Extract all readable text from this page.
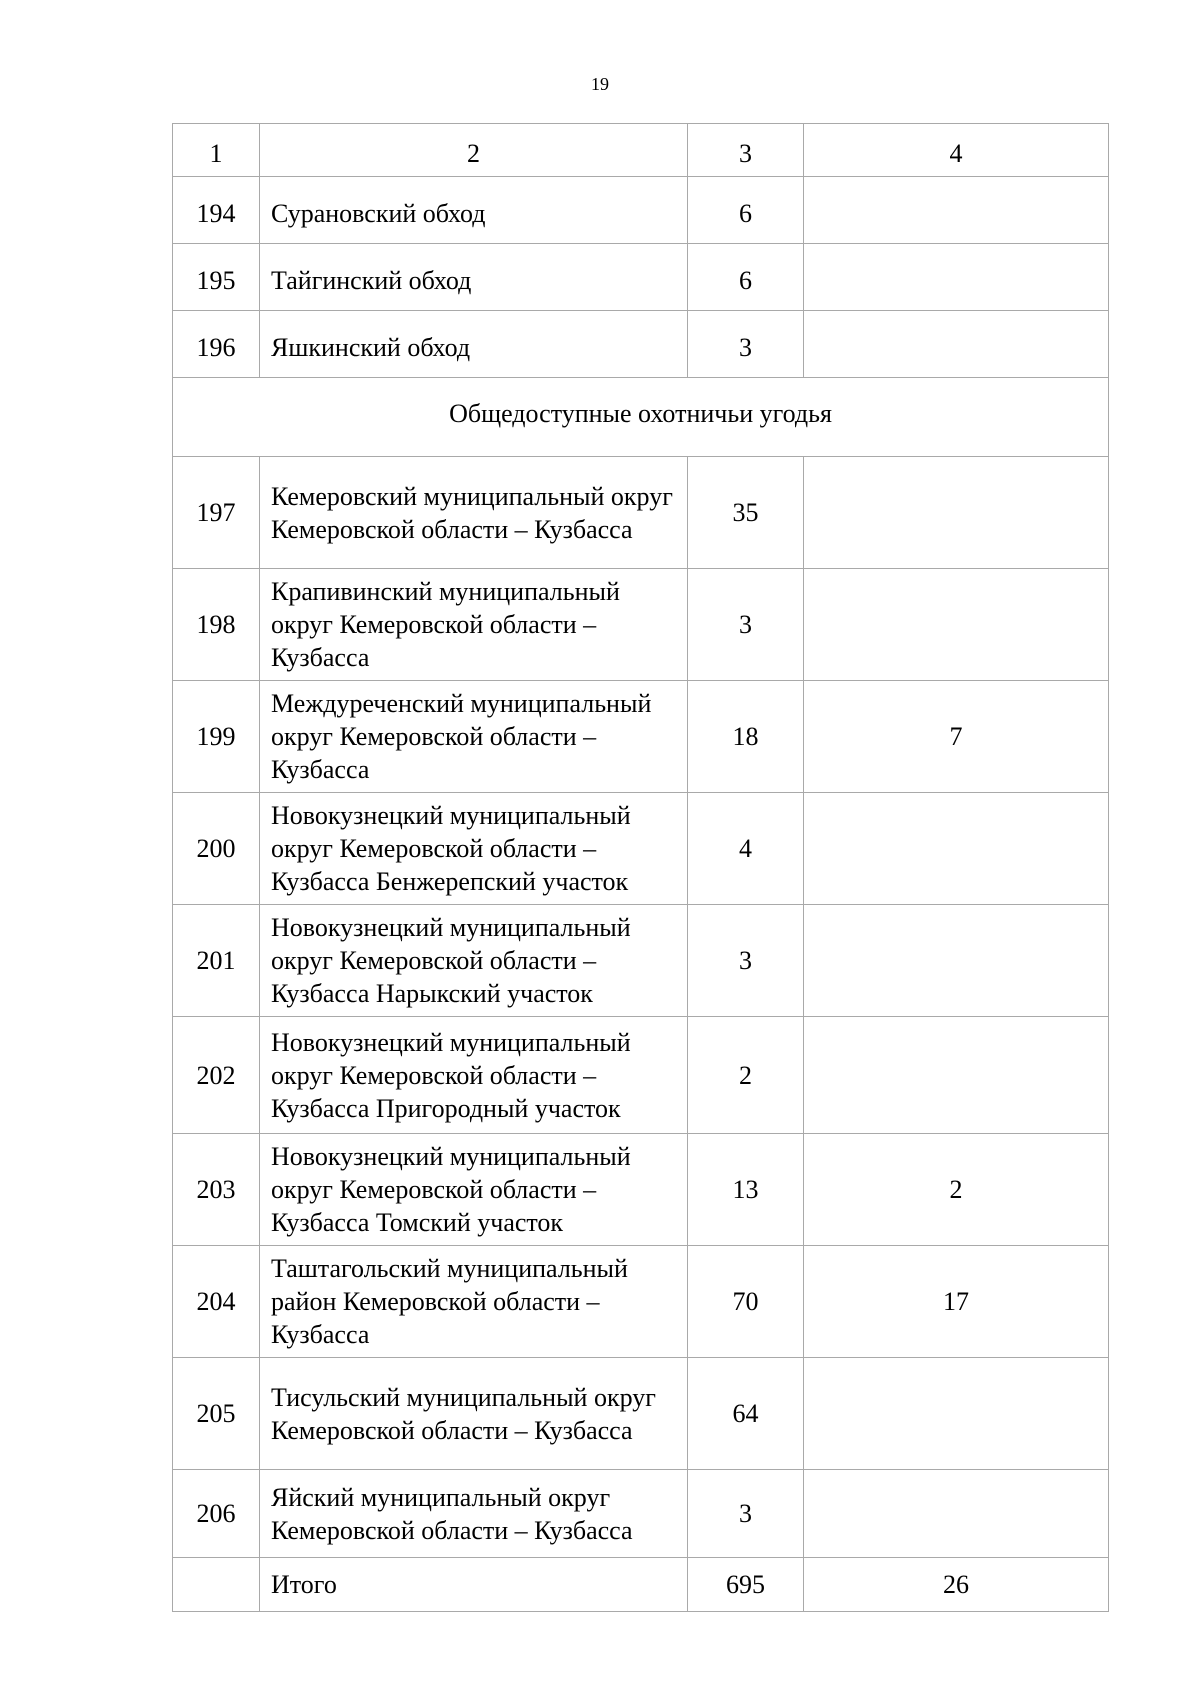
19
1	2	3	4
194	Сурановский обход	6	
195	Тайгинский обход	6	
196	Яшкинский обход	3	
Общедоступные охотничьи угодья			
197	Кемеровский муниципальный округ Кемеровской области – Кузбасса	35	
198	Крапивинский муниципальный округ Кемеровской области – Кузбасса	3	
199	Междуреченский муниципальный округ Кемеровской области – Кузбасса	18	7
200	Новокузнецкий муниципальный округ Кемеровской области – Кузбасса Бенжерепский участок	4	
201	Новокузнецкий муниципальный округ Кемеровской области – Кузбасса Нарыкский участок	3	
202	Новокузнецкий муниципальный округ Кемеровской области – Кузбасса Пригородный участок	2	
203	Новокузнецкий муниципальный округ Кемеровской области – Кузбасса Томский участок	13	2
204	Таштагольский муниципальный район Кемеровской области – Кузбасса	70	17
205	Тисульский муниципальный округ Кемеровской области – Кузбасса	64	
206	Яйский муниципальный округ Кемеровской области – Кузбасса	3	
	Итого	695	26
